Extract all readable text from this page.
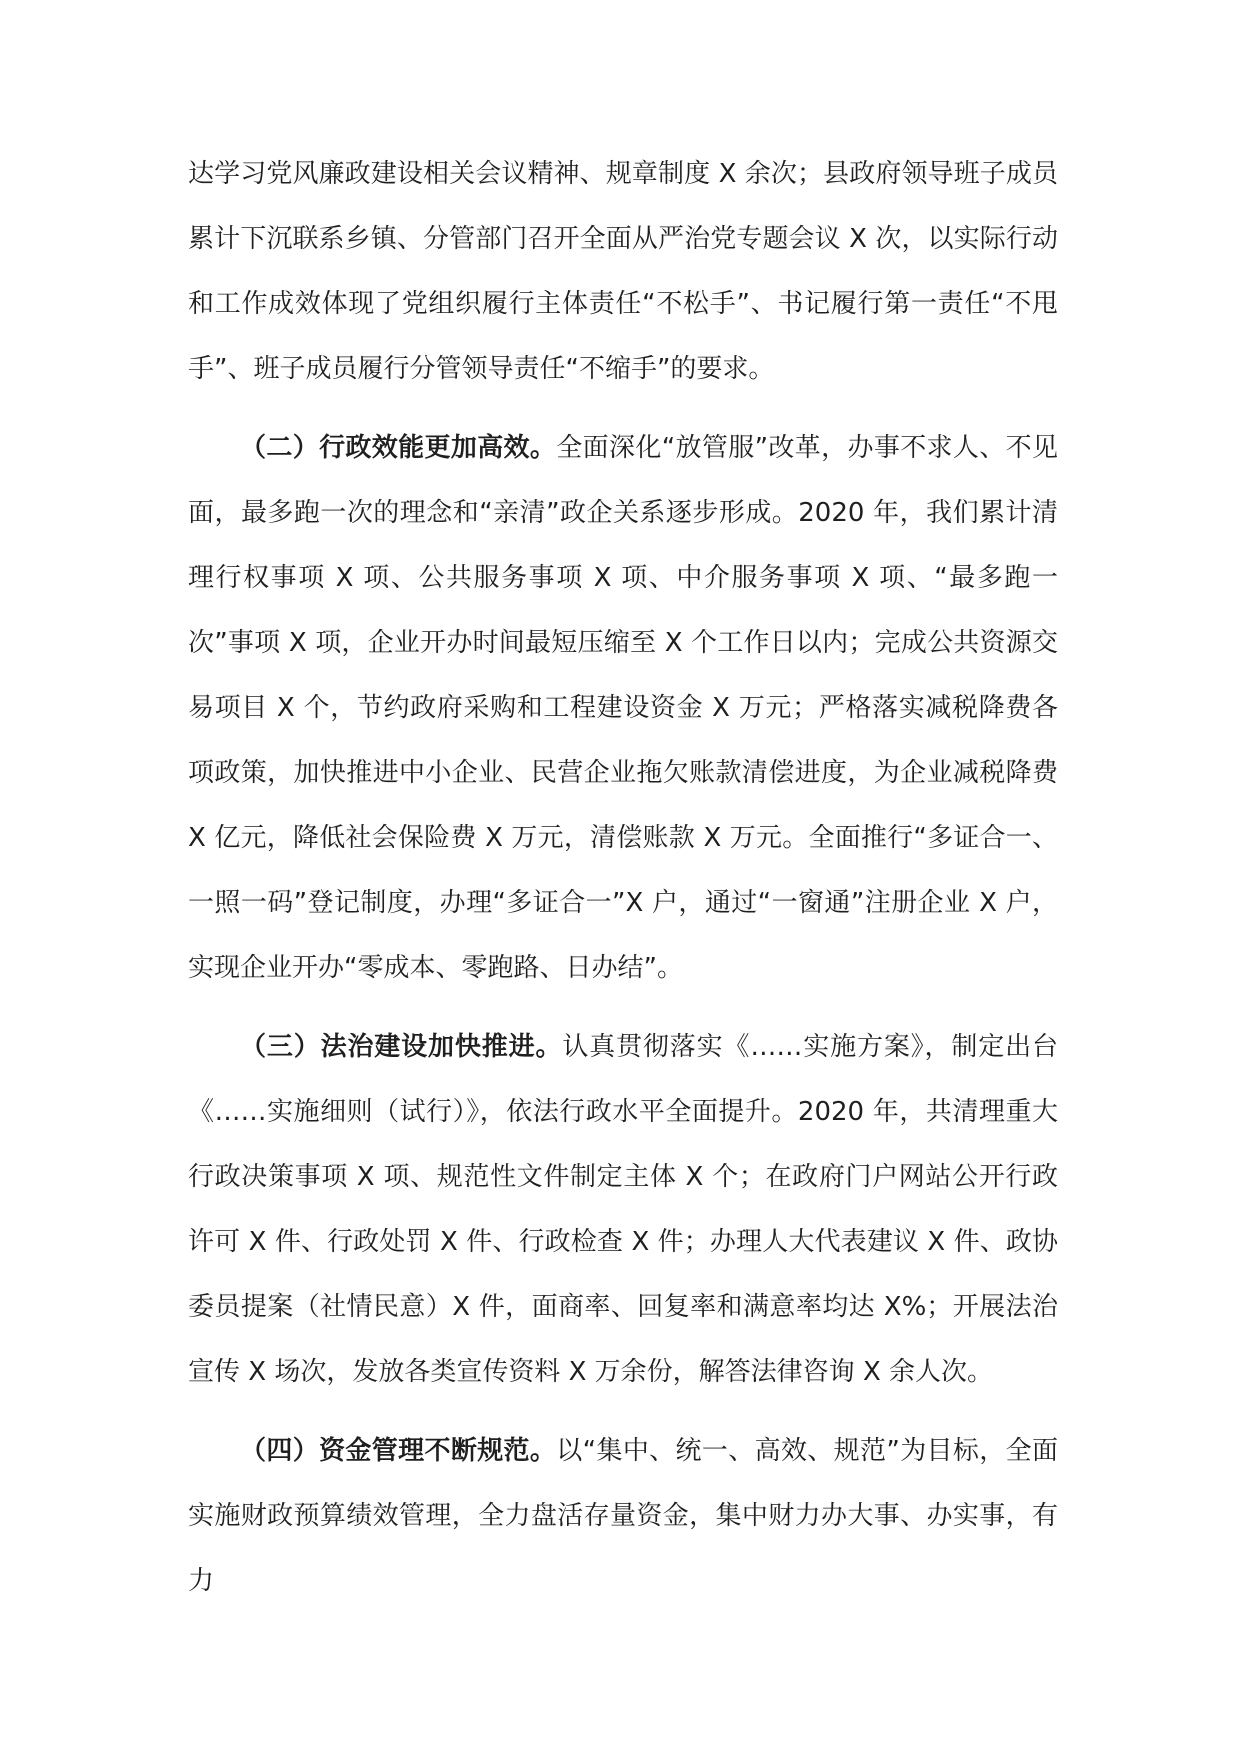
达学习党风廉政建设相关会议精神、规章制度 X 余次；县政府领导班子成员累计下沉联系乡镇、分管部门召开全面从严治党专题会议 X 次，以实际行动和工作成效体现了党组织履行主体责任“不松手”、书记履行第一责任“不甩手”、班子成员履行分管领导责任“不缩手”的要求。

（二）行政效能更加高效。全面深化“放管服”改革，办事不求人、不见面，最多跑一次的理念和“亲清”政企关系逐步形成。2020 年，我们累计清理行权事项 X 项、公共服务事项 X 项、中介服务事项 X 项、“最多跑一次”事项 X 项，企业开办时间最短压缩至 X 个工作日以内；完成公共资源交易项目 X 个，节约政府采购和工程建设资金 X 万元；严格落实减税降费各项政策，加快推进中小企业、民营企业拖欠账款清偿进度，为企业减税降费 X 亿元，降低社会保险费 X 万元，清偿账款 X 万元。全面推行“多证合一、一照一码”登记制度，办理“多证合一”X 户，通过“一窗通”注册企业 X 户，实现企业开办“零成本、零跑路、日办结”。

（三）法治建设加快推进。认真贯彻落实《……实施方案》，制定出台《……实施细则（试行）》，依法行政水平全面提升。2020 年，共清理重大行政决策事项 X 项、规范性文件制定主体 X 个；在政府门户网站公开行政许可 X 件、行政处罚 X 件、行政检查 X 件；办理人大代表建议 X 件、政协委员提案（社情民意）X 件，面商率、回复率和满意率均达 X%；开展法治宣传 X 场次，发放各类宣传资料 X 万余份，解答法律咨询 X 余人次。

（四）资金管理不断规范。以“集中、统一、高效、规范”为目标，全面实施财政预算绩效管理，全力盘活存量资金，集中财力办大事、办实事，有力
